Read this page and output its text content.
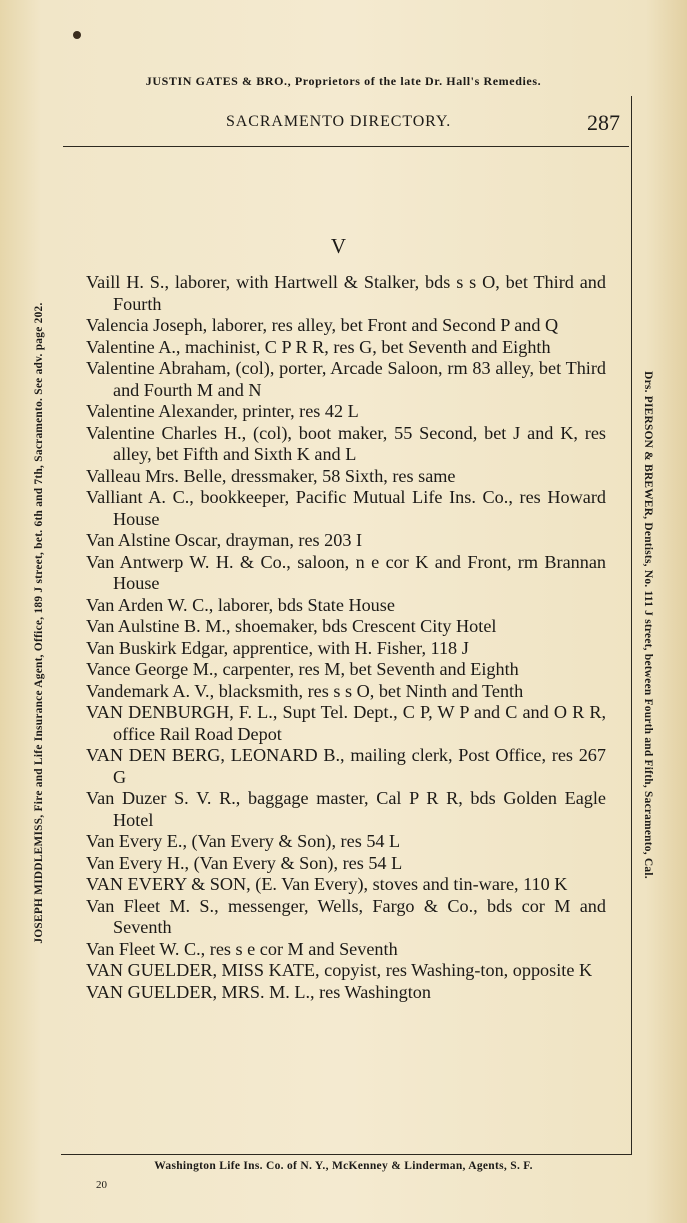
JUSTIN GATES & BRO., Proprietors of the late Dr. Hall's Remedies.
JOSEPH MIDDLEMISS, Fire and Life Insurance Agent, Office, 189 J street, bet. 6th and 7th, Sacramento. See adv. page 202.	Drs. PIERSON & BREWER, Dentists, No. 111 J street, between Fourth and Fifth, Sacramento, Cal.
SACRAMENTO DIRECTORY.	287
V
Vaill H. S., laborer, with Hartwell & Stalker, bds s s O, bet Third and Fourth
Valencia Joseph, laborer, res alley, bet Front and Second P and Q
Valentine A., machinist, C P R R, res G, bet Seventh and Eighth
Valentine Abraham, (col), porter, Arcade Saloon, rm 83 alley, bet Third and Fourth M and N
Valentine Alexander, printer, res 42 L
Valentine Charles H., (col), boot maker, 55 Second, bet J and K, res alley, bet Fifth and Sixth K and L
Valleau Mrs. Belle, dressmaker, 58 Sixth, res same
Valliant A. C., bookkeeper, Pacific Mutual Life Ins. Co., res Howard House
Van Alstine Oscar, drayman, res 203 I
Van Antwerp W. H. & Co., saloon, n e cor K and Front, rm Brannan House
Van Arden W. C., laborer, bds State House
Van Aulstine B. M., shoemaker, bds Crescent City Hotel
Van Buskirk Edgar, apprentice, with H. Fisher, 118 J
Vance George M., carpenter, res M, bet Seventh and Eighth
Vandemark A. V., blacksmith, res s s O, bet Ninth and Tenth
VAN DENBURGH, F. L., Supt Tel. Dept., C P, W P and C and O R R, office Rail Road Depot
VAN DEN BERG, LEONARD B., mailing clerk, Post Office, res 267 G
Van Duzer S. V. R., baggage master, Cal P R R, bds Golden Eagle Hotel
Van Every E., (Van Every & Son), res 54 L
Van Every H., (Van Every & Son), res 54 L
VAN EVERY & SON, (E. Van Every), stoves and tin-ware, 110 K
Van Fleet M. S., messenger, Wells, Fargo & Co., bds cor M and Seventh
Van Fleet W. C., res s e cor M and Seventh
VAN GUELDER, MISS KATE, copyist, res Washing-ton, opposite K
VAN GUELDER, MRS. M. L., res Washington
Washington Life Ins. Co. of N. Y., McKenney & Linderman, Agents, S. F.
20
